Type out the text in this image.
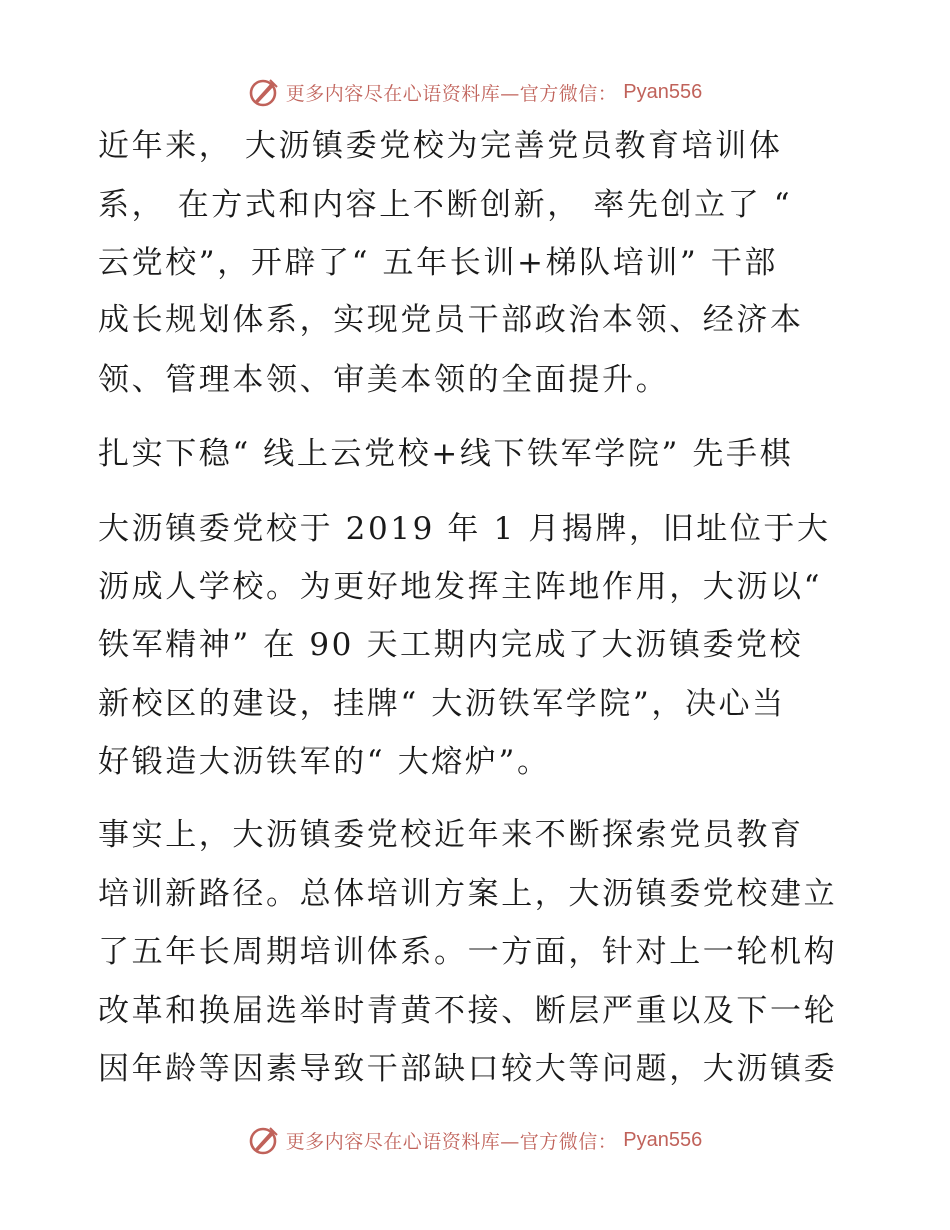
更多内容尽在心语资料库—官方微信： Pyan556
近年来， 大沥镇委党校为完善党员教育培训体
系， 在方式和内容上不断创新， 率先创立了 “
云党校”，开辟了“ 五年长训+梯队培训” 干部
成长规划体系，实现党员干部政治本领、经济本
领、管理本领、审美本领的全面提升。
扎实下稳“ 线上云党校+线下铁军学院” 先手棋
大沥镇委党校于 2019 年 1 月揭牌，旧址位于大
沥成人学校。为更好地发挥主阵地作用，大沥以“
铁军精神” 在 90 天工期内完成了大沥镇委党校
新校区的建设，挂牌“ 大沥铁军学院”，决心当
好锻造大沥铁军的“ 大熔炉”。
事实上，大沥镇委党校近年来不断探索党员教育
培训新路径。总体培训方案上，大沥镇委党校建立
了五年长周期培训体系。一方面，针对上一轮机构
改革和换届选举时青黄不接、断层严重以及下一轮
因年龄等因素导致干部缺口较大等问题，大沥镇委
更多内容尽在心语资料库—官方微信： Pyan556
